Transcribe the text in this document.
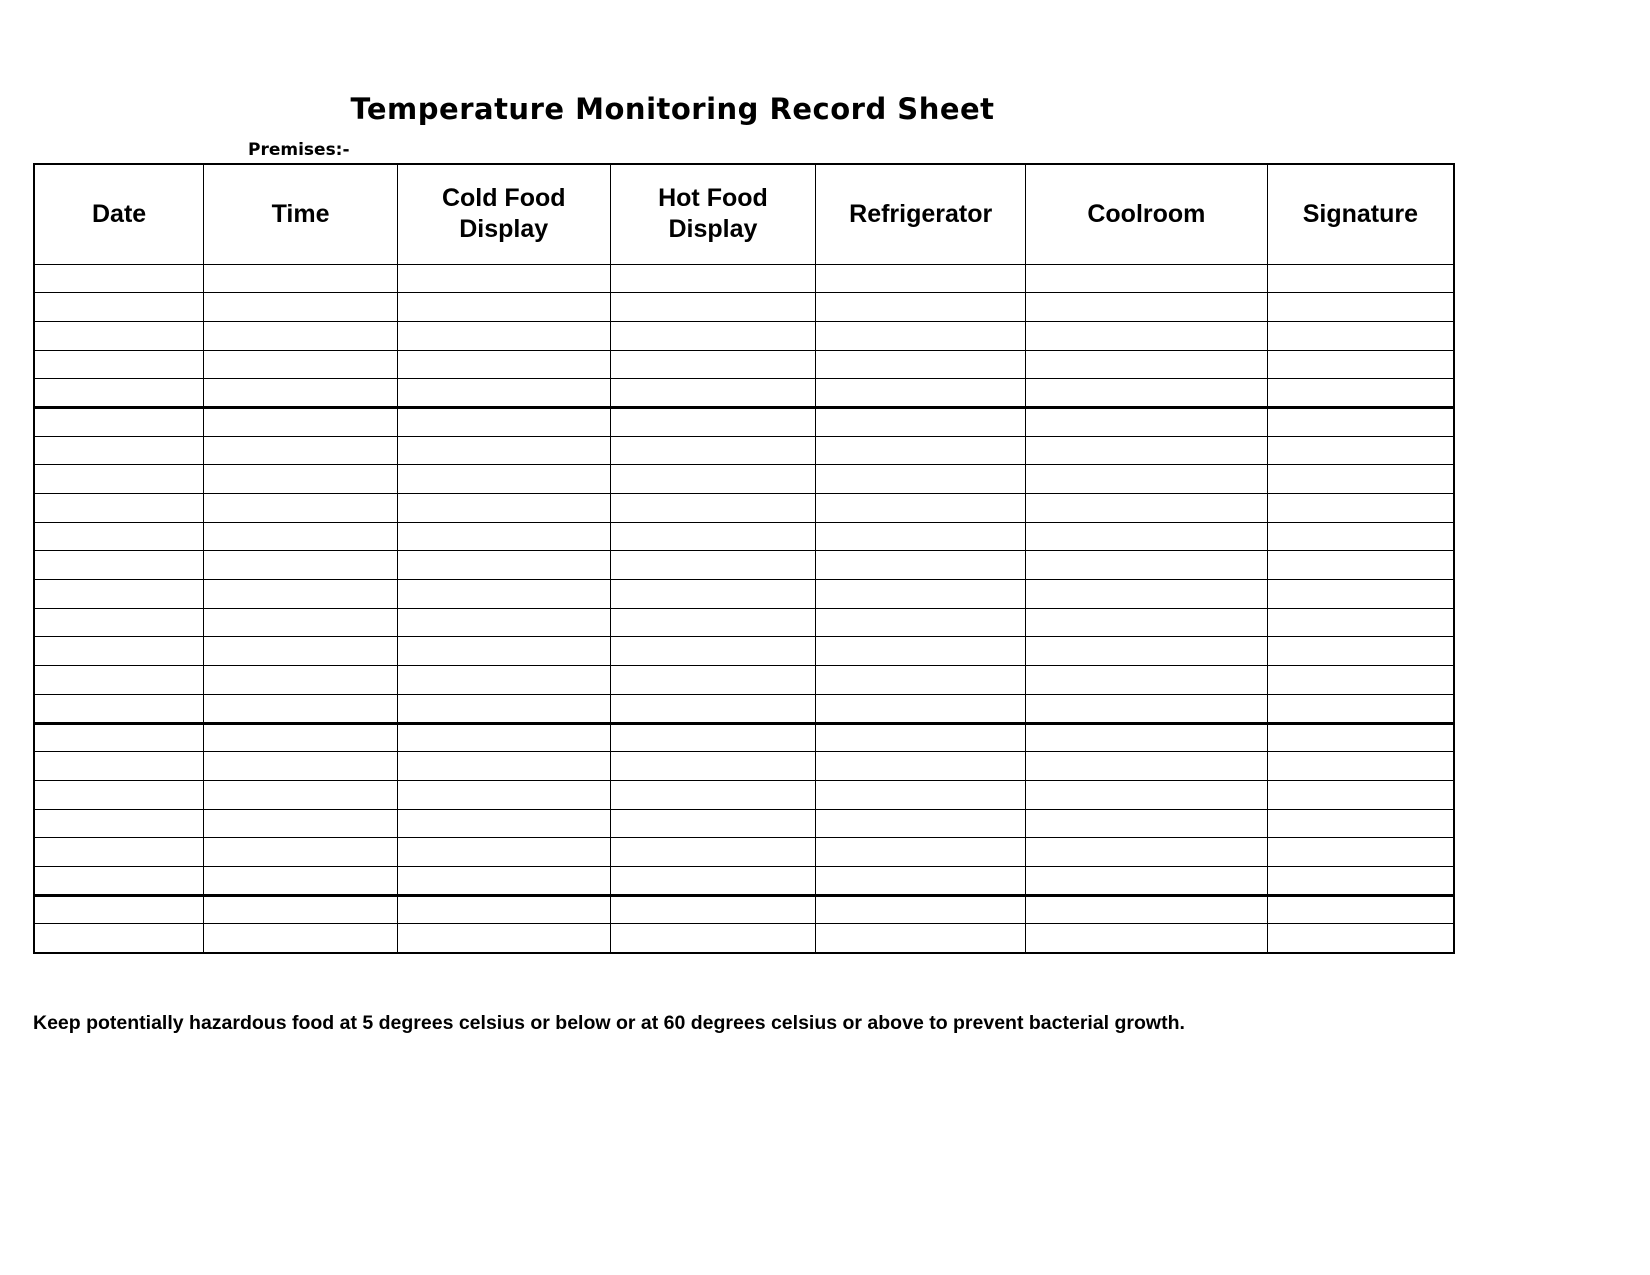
Temperature Monitoring Record Sheet
Premises:-
Date	Time	Cold Food Display	Hot Food Display	Refrigerator	Coolroom	Signature

Keep potentially hazardous food at 5 degrees celsius or below or at 60 degrees celsius or above to prevent bacterial growth.
